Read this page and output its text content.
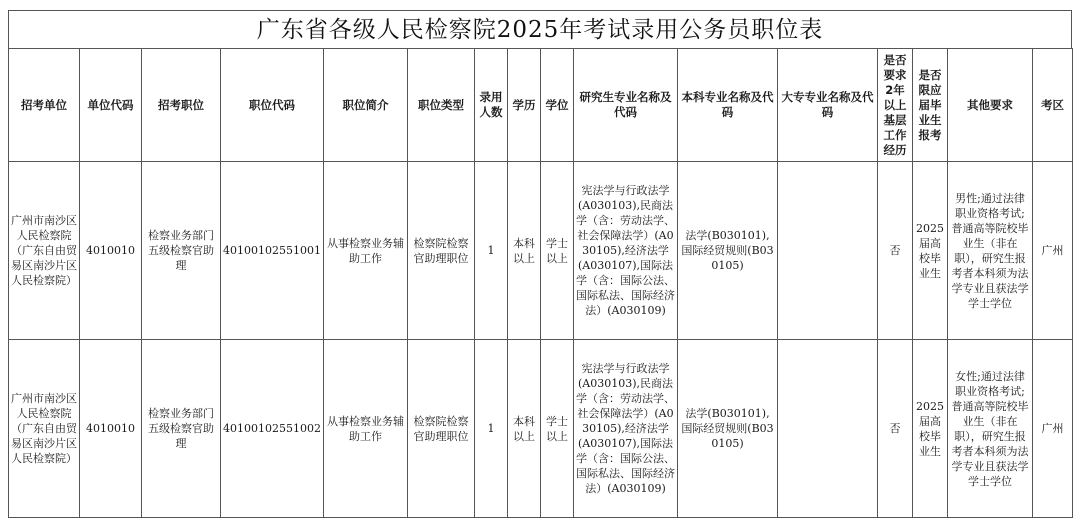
广东省各级人民检察院2025年考试录用公务员职位表
招考单位	单位代码	招考职位	职位代码	职位简介	职位类型	录用人数	学历	学位	研究生专业名称及代码	本科专业名称及代码	大专专业名称及代码	是否要求2年以上基层工作经历	是否限应届毕业生报考	其他要求	考区
广州市南沙区人民检察院（广东自由贸易区南沙片区人民检察院）	4010010	检察业务部门五级检察官助理	40100102551001	从事检察业务辅助工作	检察院检察官助理职位	1	本科以上	学士以上	宪法学与行政法学(A030103),民商法学（含：劳动法学、社会保障法学）(A030105),经济法学(A030107),国际法学（含：国际公法、国际私法、国际经济法）(A030109)	法学(B030101),国际经贸规则(B030105)		否	2025届高校毕业生	男性;通过法律职业资格考试;普通高等院校毕业生（非在职），研究生报考者本科须为法学专业且获法学学士学位	广州
广州市南沙区人民检察院（广东自由贸易区南沙片区人民检察院）	4010010	检察业务部门五级检察官助理	40100102551002	从事检察业务辅助工作	检察院检察官助理职位	1	本科以上	学士以上	宪法学与行政法学(A030103),民商法学（含：劳动法学、社会保障法学）(A030105),经济法学(A030107),国际法学（含：国际公法、国际私法、国际经济法）(A030109)	法学(B030101),国际经贸规则(B030105)		否	2025届高校毕业生	女性;通过法律职业资格考试;普通高等院校毕业生（非在职），研究生报考者本科须为法学专业且获法学学士学位	广州
